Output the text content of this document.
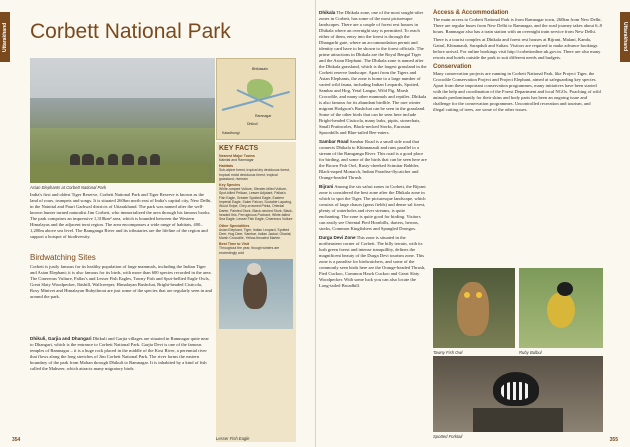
Uttarakhand Corbett National Park
Asian Elephants at Corbett National Park
Dhruv Mehta
Bhikiasain
Ramnagar
Dhikuli
Kaladhungi
KEY FACTS
Nearest Major Towns
Nainital and Ramnagar
Habitats
Sub-alpine forest, tropical dry deciduous forest, tropical moist deciduous forest, tropical grassland, riverrain
Key Species
White-rumped Vulture, Slender-billed Vulture, Spot-billed Pelican, Lesser Adjutant, Pallas's Fish Eagle, Greater Spotted Eagle, Eastern Imperial Eagle, Saker Falcon, Sociable Lapwing, Wood Snipe, Grey-crowned Prinia, Oriental Darter, Painted Stork, Black-necked Stork, Black-headed Ibis, Ferruginous Pochard, White-tailed Sea Eagle, Lesser Fish Eagle, Cinereous Vulture
Other Specialities
Asian Elephant, Tiger, Indian Leopard, Spotted Deer, Hog Deer, Sambar, Indian Jackal, Gharial, Marsh Crocodile, Yellow-throated Marten
Best Time to Visit
Throughout the year, though winters are exceedingly cold
Lesser Fish Eagle
India's first and oldest Tiger Reserve, Corbett National Park and Tiger Reserve is known as the land of roars, trumpets and songs. It is situated 260km north east of India's capital city, New Delhi, in the Nainital and Pauri Garhwal districts of Uttarakhand. The park was named after the well-known hunter turned naturalist Jim Corbett, who immortalized the area through his famous books. The park comprises an impressive 1,318km² area, which is bounded between the Western Himalayas and the adjacent terai region. The area encompasses a wide range of habitats, 400–1,200m above sea level. The Ramganga River and its tributaries are the lifeline of the region and support a hotspot of biodiversity.
Birdwatching Sites
Corbett is justly famous for its healthy population of large mammals, including the Indian Tiger and Asian Elephant; it is also famous for its birds, with more than 600 species recorded in the area. The Cinereous Vulture, Pallas's and Lesser Fish Eagles, Tawny Fish and Spot-bellied Eagle Owls, Great Slaty Woodpecker, Ibisbill, Wallcreeper, Himalayan Bushchat, Bright-headed Cisticola, Rosy Minivet and Himalayan Rubythroat are just some of the species that are regularly seen in and around the park.
Dhikuli, Garjia and Dhangari Dhikuli and Garjia villages are situated in Ramnagar quite near to Dhangari, which is the entrance to Corbett National Park. Garjia Devi is one of the famous temples of Ramnagar – it is a huge rock placed in the middle of the Kosi River, a perennial river that flows along the long stretches of Jim Corbett National Park. The river forms the eastern boundary of the park from Mohan through Dhikuli to Ramnagar. It is inhabited by a kind of fish called the Mahseer, which attracts many migratory birds.
354
Uttarakhand
Dhikala The Dhikala zone, one of the most sought-after zones in Corbett, has some of the most picturesque landscapes. There are a couple of forest rest houses in Dhikala where an overnight stay is permitted. To reach either of them, entry into the forest is through the Dhangarhi gate, where an accommodation permit and identity card have to be shown to the forest officials. The prime attractions in Dhikala are the Royal Bengal Tiger and the Asian Elephant. The Dhikala zone is named after the Dhikala grassland, which is the largest grassland in the Corbett reserve landscape. Apart from the Tigers and Asian Elephants, the zone is home to a large number of varied wild fauna, including Indian Leopards, Spotted, Sambar and Hog, Yetal Langur, Wild Pig, Marsh Crocodile, and many other mammals and reptiles. Dhikala is also famous for its abundant birdlife. The rare winter migrant Hodgson's Bushchat can be seen in the grassland. Some of the other birds that can be seen here include Bright-headed Cisticola, many larks, pipits, stonechats, Small Pratincoles, Black-necked Storks, Eurasian Spoonbills and Blue-tailed Bee-eaters.
Sambar Road Sambar Road is a small side road that connects Dhikala to Khinnanauli and runs parallel to a stream of the Ramganga River. This road is a good place for birding, and some of the birds that can be seen here are the Brown Fish Owl, Rusty-cheeked Scimitar Babbler, Black-naped Monarch, Indian Paradise-flycatcher and Orange-headed Thrush.
Bijrani Among the six safari zones in Corbett, the Bijrani zone is considered the best zone after the Dhikala zone in which to spot the Tiger. The picturesque landscape, which consists of large chaurs (grass fields) and dense sal forest, plenty of waterholes and river streams, is quite enchanting. The zone is quite good for birding. Visitors can easily see Oriental Pied Hornbills, darters, herons, storks, Common Kingfishers and Spangled Drongos.
Durga Devi Zone This zone is situated in the northeastern corner of Corbett. The hilly terrain, with its lush green forest and intense tranquillity, defines the magnificent beauty of the Durga Devi tourism zone. This zone is a paradise for birdwatchers, and some of the commonly seen birds here are the Orange-headed Thrush, Pied Cuckoo, Common Hawk Cuckoo and Great Slaty Woodpecker. With some luck you can also locate the Long-tailed Broadbill.
Access & Accommodation
The main access to Corbett National Park is from Ramnagar town, 260km from New Delhi. There are regular buses from New Delhi to Ramnagar, and the road journey takes about 6–8 hours. Ramnagar also has a train station with an overnight train service from New Delhi.
There is a tourist complex at Dhikala and forest rest houses at Bijrani, Malani, Kanda, Gairal, Khinanauli, Sarapduli and Sultan. Visitors are required to make advance bookings before arrival. For online bookings visit http://corbettonline.uk.gov.in. There are also many resorts and hotels outside the park to suit different needs and budgets.
Conservation
Many conservation projects are running in Corbett National Park, like Project Tiger, the Crocodile Conservation Project and Project Elephant, aimed at safeguarding key species. Apart from these important conservation programmes, many initiatives have been started with the help and coordination of the Forest Department and local NGOs. Poaching of wild animals predominantly for their skins and body parts has been an ongoing issue and challenge for the conservation programmes. Uncontrolled recreation and tourism, and illegal cutting of trees, are some of the other issues.
Tawny Fish Owl	Ruby Bulbul
Spotted Forktail
355
